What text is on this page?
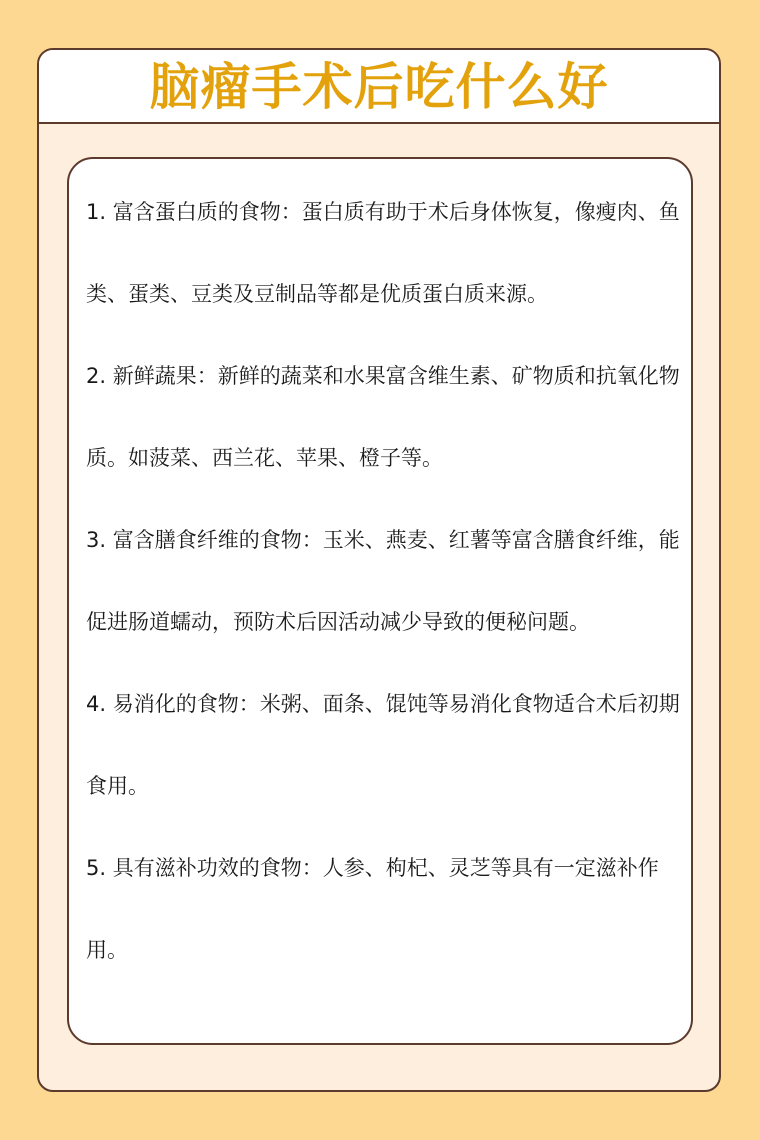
脑瘤手术后吃什么好

1. 富含蛋白质的食物：蛋白质有助于术后身体恢复，像瘦肉、鱼类、蛋类、豆类及豆制品等都是优质蛋白质来源。

2. 新鲜蔬果：新鲜的蔬菜和水果富含维生素、矿物质和抗氧化物质。如菠菜、西兰花、苹果、橙子等。

3. 富含膳食纤维的食物：玉米、燕麦、红薯等富含膳食纤维，能促进肠道蠕动，预防术后因活动减少导致的便秘问题。

4. 易消化的食物：米粥、面条、馄饨等易消化食物适合术后初期食用。

5. 具有滋补功效的食物：人参、枸杞、灵芝等具有一定滋补作用。
